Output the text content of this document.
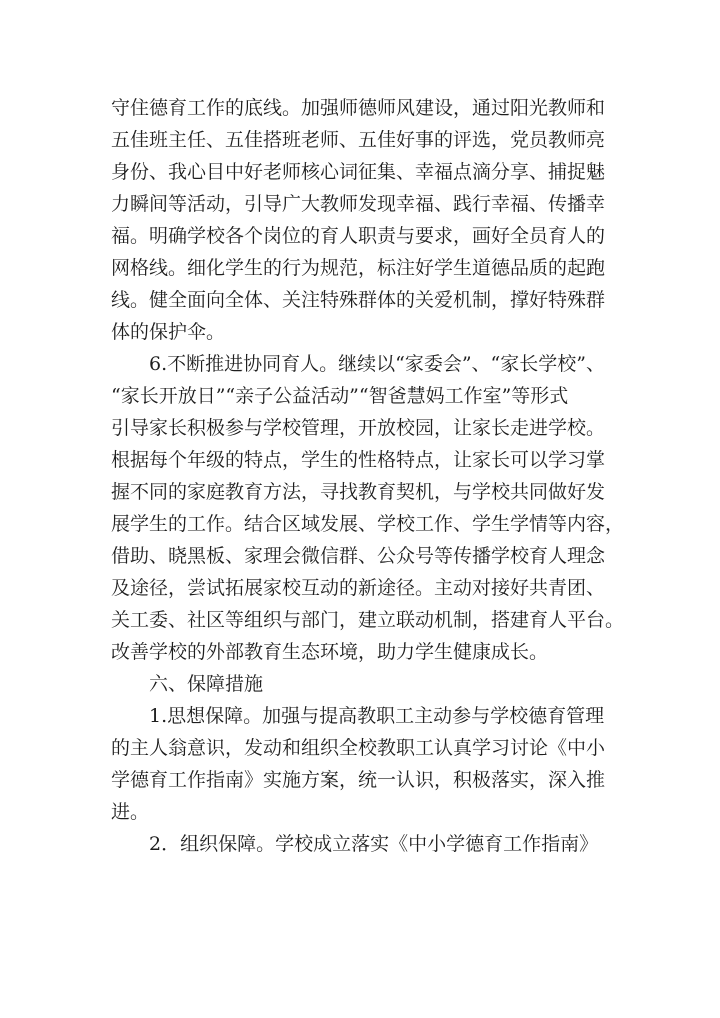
守住德育工作的底线。加强师德师风建设，通过阳光教师和
五佳班主任、五佳搭班老师、五佳好事的评选，党员教师亮
身份、我心目中好老师核心词征集、幸福点滴分享、捕捉魅
力瞬间等活动，引导广大教师发现幸福、践行幸福、传播幸
福。明确学校各个岗位的育人职责与要求，画好全员育人的
网格线。细化学生的行为规范，标注好学生道德品质的起跑
线。健全面向全体、关注特殊群体的关爱机制，撑好特殊群
体的保护伞。
6.不断推进协同育人。继续以“家委会”、“家长学校”、
“家长开放日”“亲子公益活动”“智爸慧妈工作室”等形式
引导家长积极参与学校管理，开放校园，让家长走进学校。
根据每个年级的特点，学生的性格特点，让家长可以学习掌
握不同的家庭教育方法，寻找教育契机，与学校共同做好发
展学生的工作。结合区域发展、学校工作、学生学情等内容，
借助、晓黑板、家理会微信群、公众号等传播学校育人理念
及途径，尝试拓展家校互动的新途径。主动对接好共青团、
关工委、社区等组织与部门，建立联动机制，搭建育人平台。
改善学校的外部教育生态环境，助力学生健康成长。
六、保障措施
1.思想保障。加强与提高教职工主动参与学校德育管理
的主人翁意识，发动和组织全校教职工认真学习讨论《中小
学德育工作指南》实施方案，统一认识，积极落实，深入推
进。
2．组织保障。学校成立落实《中小学德育工作指南》
